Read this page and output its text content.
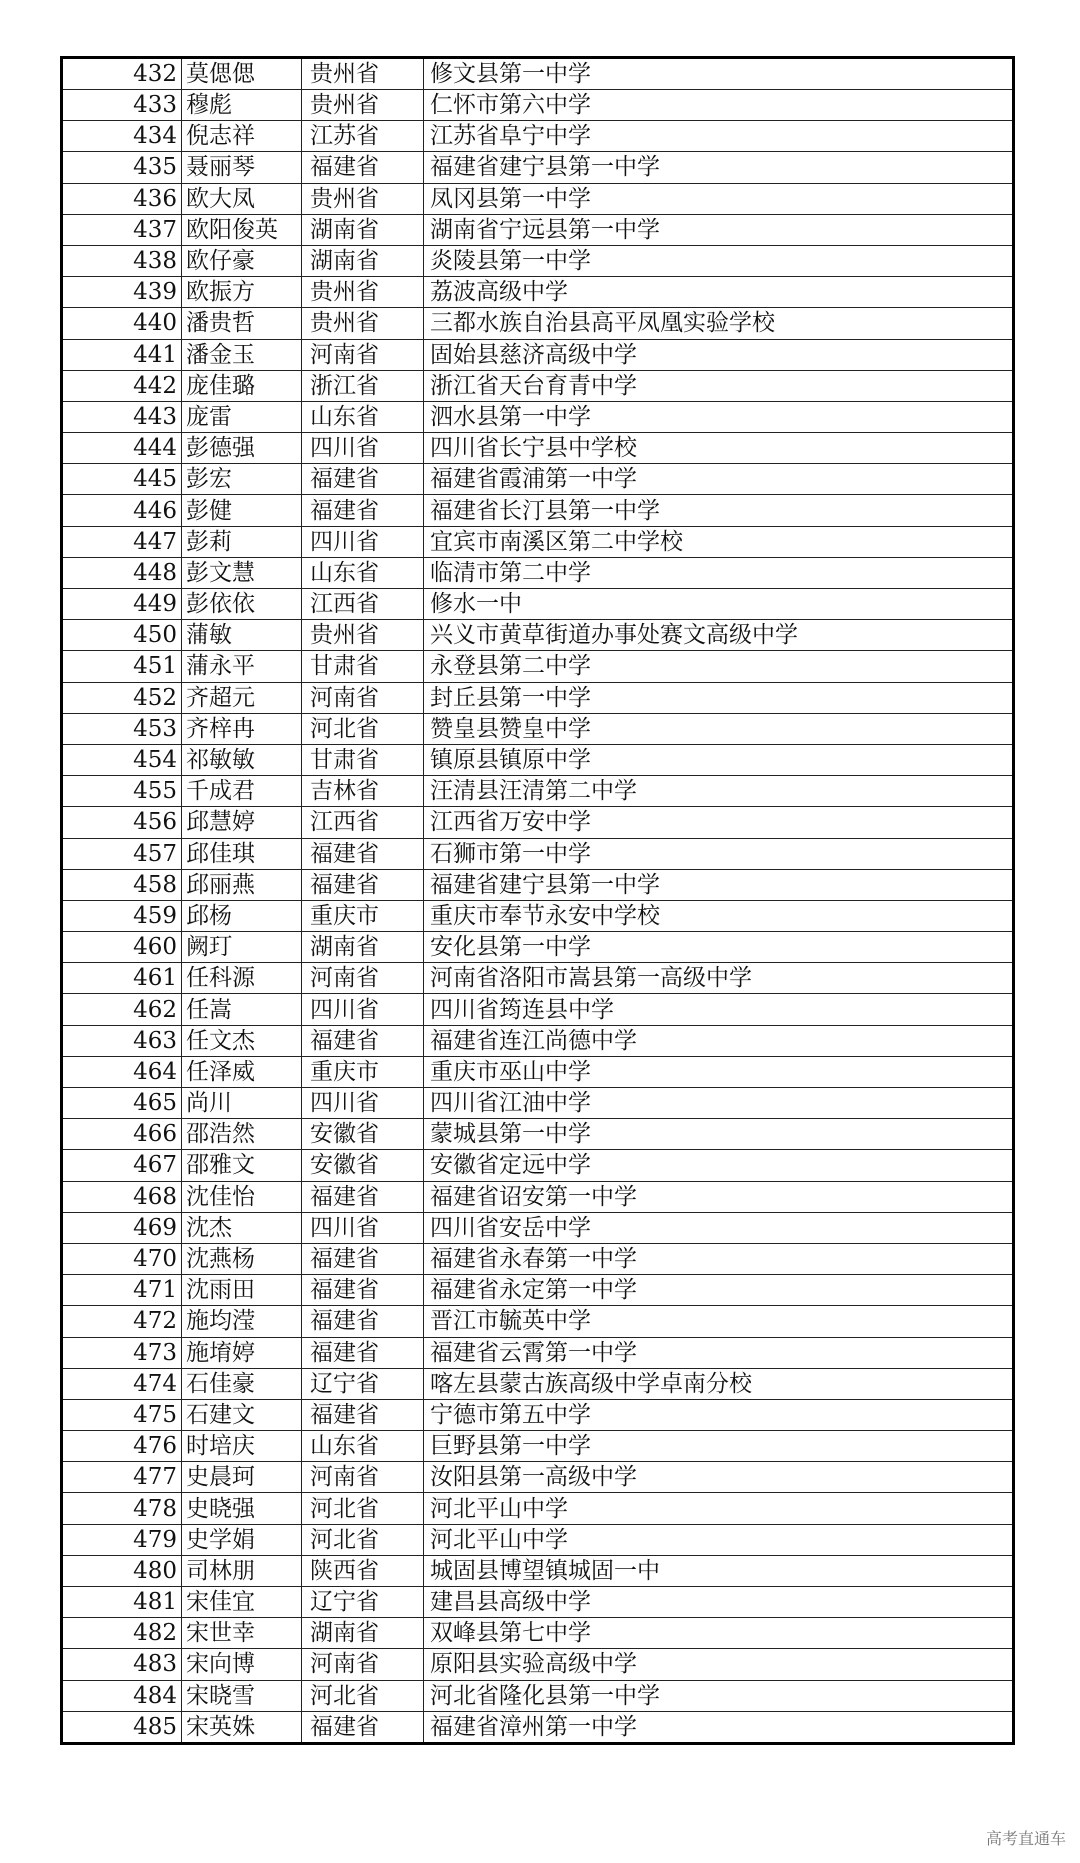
432	莫偲偲	贵州省	修文县第一中学
433	穆彪	贵州省	仁怀市第六中学
434	倪志祥	江苏省	江苏省阜宁中学
435	聂丽琴	福建省	福建省建宁县第一中学
436	欧大凤	贵州省	凤冈县第一中学
437	欧阳俊英	湖南省	湖南省宁远县第一中学
438	欧仔豪	湖南省	炎陵县第一中学
439	欧振方	贵州省	荔波高级中学
440	潘贵哲	贵州省	三都水族自治县高平凤凰实验学校
441	潘金玉	河南省	固始县慈济高级中学
442	庞佳璐	浙江省	浙江省天台育青中学
443	庞雷	山东省	泗水县第一中学
444	彭德强	四川省	四川省长宁县中学校
445	彭宏	福建省	福建省霞浦第一中学
446	彭健	福建省	福建省长汀县第一中学
447	彭莉	四川省	宜宾市南溪区第二中学校
448	彭文慧	山东省	临清市第二中学
449	彭依依	江西省	修水一中
450	蒲敏	贵州省	兴义市黄草街道办事处赛文高级中学
451	蒲永平	甘肃省	永登县第二中学
452	齐超元	河南省	封丘县第一中学
453	齐梓冉	河北省	赞皇县赞皇中学
454	祁敏敏	甘肃省	镇原县镇原中学
455	千成君	吉林省	汪清县汪清第二中学
456	邱慧婷	江西省	江西省万安中学
457	邱佳琪	福建省	石狮市第一中学
458	邱丽燕	福建省	福建省建宁县第一中学
459	邱杨	重庆市	重庆市奉节永安中学校
460	阙玎	湖南省	安化县第一中学
461	任科源	河南省	河南省洛阳市嵩县第一高级中学
462	任嵩	四川省	四川省筠连县中学
463	任文杰	福建省	福建省连江尚德中学
464	任泽威	重庆市	重庆市巫山中学
465	尚川	四川省	四川省江油中学
466	邵浩然	安徽省	蒙城县第一中学
467	邵雅文	安徽省	安徽省定远中学
468	沈佳怡	福建省	福建省诏安第一中学
469	沈杰	四川省	四川省安岳中学
470	沈燕杨	福建省	福建省永春第一中学
471	沈雨田	福建省	福建省永定第一中学
472	施均滢	福建省	晋江市毓英中学
473	施堉婷	福建省	福建省云霄第一中学
474	石佳豪	辽宁省	喀左县蒙古族高级中学卓南分校
475	石建文	福建省	宁德市第五中学
476	时培庆	山东省	巨野县第一中学
477	史晨珂	河南省	汝阳县第一高级中学
478	史晓强	河北省	河北平山中学
479	史学娟	河北省	河北平山中学
480	司林朋	陕西省	城固县博望镇城固一中
481	宋佳宜	辽宁省	建昌县高级中学
482	宋世幸	湖南省	双峰县第七中学
483	宋向博	河南省	原阳县实验高级中学
484	宋晓雪	河北省	河北省隆化县第一中学
485	宋英姝	福建省	福建省漳州第一中学
高考直通车
